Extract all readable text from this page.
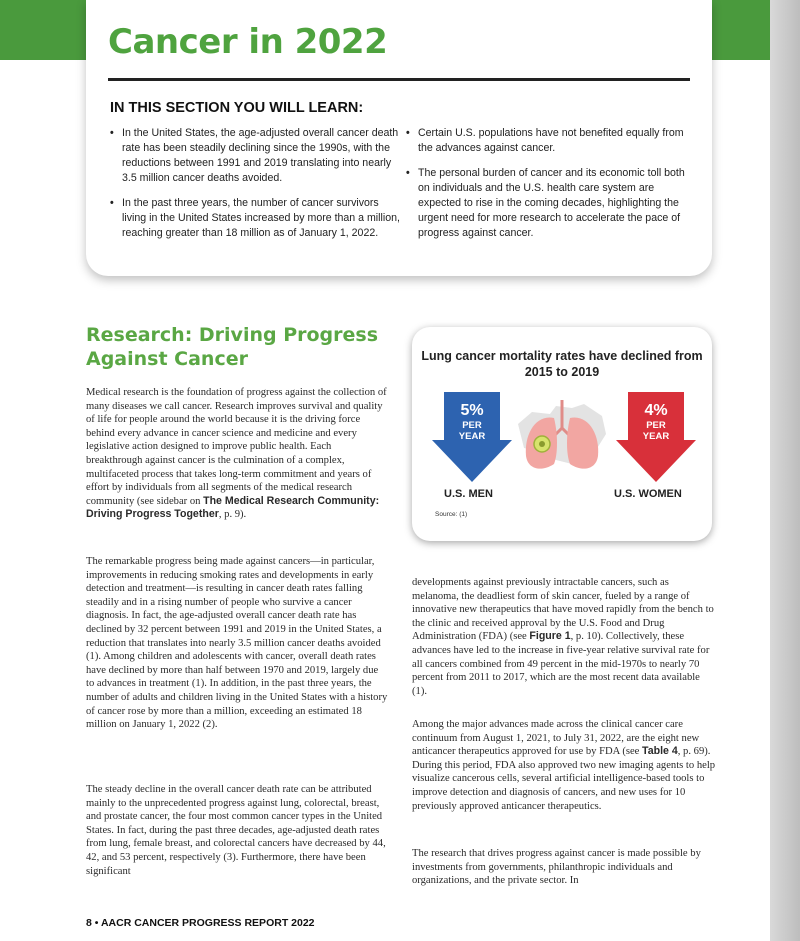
Cancer in 2022
IN THIS SECTION YOU WILL LEARN:
• In the United States, the age-adjusted overall cancer death rate has been steadily declining since the 1990s, with the reductions between 1991 and 2019 translating into nearly 3.5 million cancer deaths avoided.
• In the past three years, the number of cancer survivors living in the United States increased by more than a million, reaching greater than 18 million as of January 1, 2022.
• Certain U.S. populations have not benefited equally from the advances against cancer.
• The personal burden of cancer and its economic toll both on individuals and the U.S. health care system are expected to rise in the coming decades, highlighting the urgent need for more research to accelerate the pace of progress against cancer.
Research: Driving Progress Against Cancer

Medical research is the foundation of progress against the collection of many diseases we call cancer. Research improves survival and quality of life for people around the world because it is the driving force behind every advance in cancer science and medicine and every legislative action designed to improve public health. Each breakthrough against cancer is the culmination of a complex, multifaceted process that takes long-term commitment and years of effort by individuals from all segments of the medical research community (see sidebar on The Medical Research Community: Driving Progress Together, p. 9).

The remarkable progress being made against cancers—in particular, improvements in reducing smoking rates and developments in early detection and treatment—is resulting in cancer death rates falling steadily and in a rising number of people who survive a cancer diagnosis. In fact, the age-adjusted overall cancer death rate has declined by 32 percent between 1991 and 2019 in the United States, a reduction that translates into nearly 3.5 million cancer deaths avoided (1). Among children and adolescents with cancer, overall death rates have declined by more than half between 1970 and 2019, largely due to advances in treatment (1). In addition, in the past three years, the number of adults and children living in the United States with a history of cancer rose by more than a million, exceeding an estimated 18 million on January 1, 2022 (2).

The steady decline in the overall cancer death rate can be attributed mainly to the unprecedented progress against lung, colorectal, breast, and prostate cancer, the four most common cancer types in the United States. In fact, during the past three decades, age-adjusted death rates from lung, female breast, and colorectal cancers have decreased by 44, 42, and 53 percent, respectively (3). Furthermore, there have been significant

developments against previously intractable cancers, such as melanoma, the deadliest form of skin cancer, fueled by a range of innovative new therapeutics that have moved rapidly from the bench to the clinic and received approval by the U.S. Food and Drug Administration (FDA) (see Figure 1, p. 10). Collectively, these advances have led to the increase in five-year relative survival rate for all cancers combined from 49 percent in the mid-1970s to nearly 70 percent from 2011 to 2017, which are the most recent data available (1).

Among the major advances made across the clinical cancer care continuum from August 1, 2021, to July 31, 2022, are the eight new anticancer therapeutics approved for use by FDA (see Table 4, p. 69). During this period, FDA also approved two new imaging agents to help visualize cancerous cells, several artificial intelligence-based tools to improve detection and diagnosis of cancers, and new uses for 10 previously approved anticancer therapeutics.

The research that drives progress against cancer is made possible by investments from governments, philanthropic individuals and organizations, and the private sector. In

Lung cancer mortality rates have declined from 2015 to 2019

5%
PER
YEAR
4%
PER
YEAR
U.S. MEN	U.S. WOMEN
Source: (1)

8 • AACR CANCER PROGRESS REPORT 2022
